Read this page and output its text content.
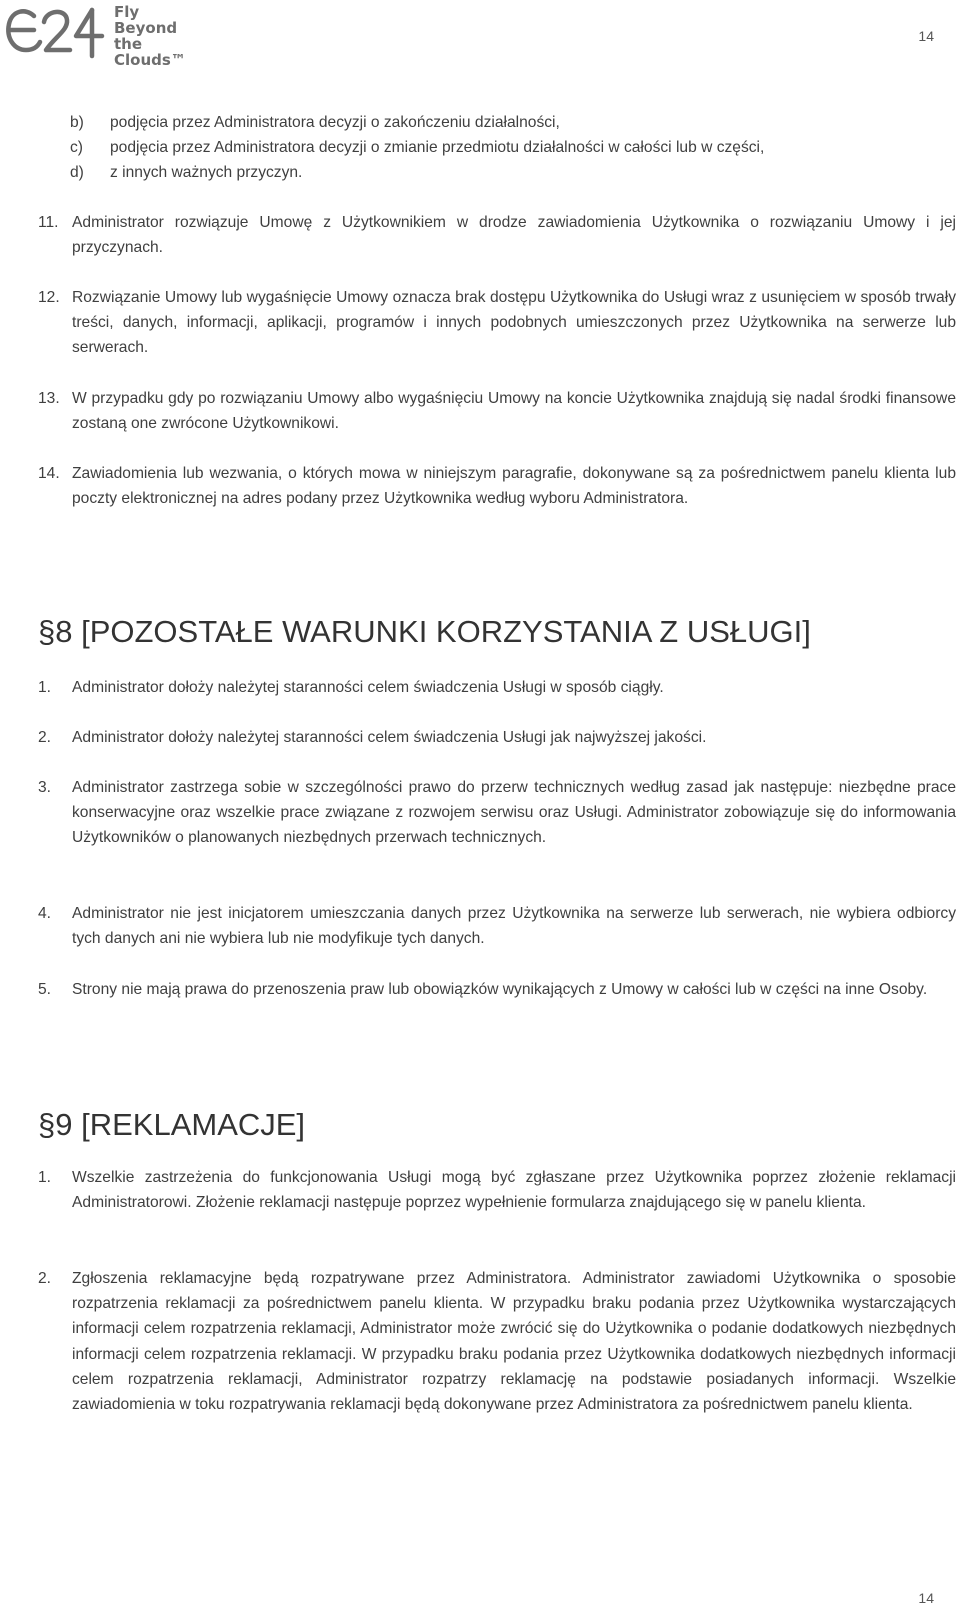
Fly
Beyond
the Clouds™
14
b)	podjęcia przez Administratora decyzji o zakończeniu działalności,
c)	podjęcia przez Administratora decyzji o zmianie przedmiotu działalności w całości lub w części,
d)	z innych ważnych przyczyn.
11. Administrator rozwiązuje Umowę z Użytkownikiem w drodze zawiadomienia Użytkownika o rozwiązaniu Umowy i jej przyczynach.
12. Rozwiązanie Umowy lub wygaśnięcie Umowy oznacza brak dostępu Użytkownika do Usługi wraz z usunięciem w sposób trwały treści, danych, informacji, aplikacji, programów i innych podobnych umieszczonych przez Użytkownika na serwerze lub serwerach.
13. W przypadku gdy po rozwiązaniu Umowy albo wygaśnięciu Umowy na koncie Użytkownika znajdują się nadal środki finansowe zostaną one zwrócone Użytkownikowi.
14. Zawiadomienia lub wezwania, o których mowa w niniejszym paragrafie, dokonywane są za pośrednictwem panelu klienta lub poczty elektronicznej na adres podany przez Użytkownika według wyboru Administratora.
§8 [POZOSTAŁE WARUNKI KORZYSTANIA Z USŁUGI]
1.	Administrator dołoży należytej staranności celem świadczenia Usługi w sposób ciągły.
2.	Administrator dołoży należytej staranności celem świadczenia Usługi jak najwyższej jakości.
3.	Administrator zastrzega sobie w szczególności prawo do przerw technicznych według zasad jak następuje: niezbędne prace konserwacyjne oraz wszelkie prace związane z rozwojem serwisu oraz Usługi. Administrator zobowiązuje się do informowania Użytkowników o planowanych niezbędnych przerwach technicznych.
4.	Administrator nie jest inicjatorem umieszczania danych przez Użytkownika na serwerze lub serwerach, nie wybiera odbiorcy tych danych ani nie wybiera lub nie modyfikuje tych danych.
5.	Strony nie mają prawa do przenoszenia praw lub obowiązków wynikających z Umowy w całości lub w części na inne Osoby.
§9 [REKLAMACJE]
1.	Wszelkie zastrzeżenia do funkcjonowania Usługi mogą być zgłaszane przez Użytkownika poprzez złożenie reklamacji Administratorowi. Złożenie reklamacji następuje poprzez wypełnienie formularza znajdującego się w panelu klienta.
2.	Zgłoszenia reklamacyjne będą rozpatrywane przez Administratora. Administrator zawiadomi Użytkownika o sposobie rozpatrzenia reklamacji za pośrednictwem panelu klienta. W przypadku braku podania przez Użytkownika wystarczających informacji celem rozpatrzenia reklamacji, Administrator może zwrócić się do Użytkownika o podanie dodatkowych niezbędnych informacji celem rozpatrzenia reklamacji. W przypadku braku podania przez Użytkownika dodatkowych niezbędnych informacji celem rozpatrzenia reklamacji, Administrator rozpatrzy reklamację na podstawie posiadanych informacji. Wszelkie zawiadomienia w toku rozpatrywania reklamacji będą dokonywane przez Administratora za pośrednictwem panelu klienta.
14
